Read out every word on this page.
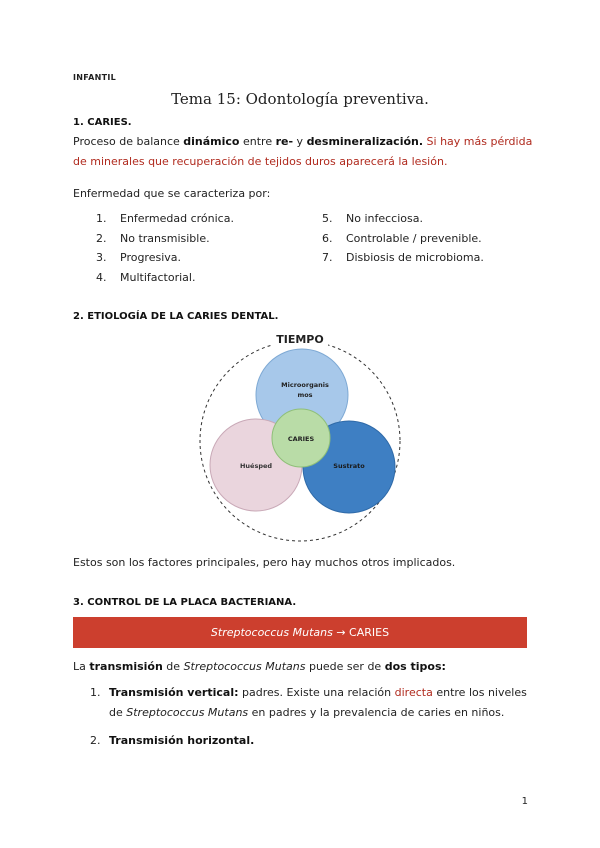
INFANTIL
Tema 15: Odontología preventiva.
1. CARIES.
Proceso de balance dinámico entre re- y desmineralización. Si hay más pérdida
de minerales que recuperación de tejidos duros aparecerá la lesión.
Enfermedad que se caracteriza por:
1. Enfermedad crónica.
2. No transmisible.
3. Progresiva.
4. Multifactorial.
5. No infecciosa.
6. Controlable / prevenible.
7. Disbiosis de microbioma.
2. ETIOLOGÍA DE LA CARIES DENTAL.
TIEMPO
Microorganis
mos
Huésped	Sustrato
CARIES
Estos son los factores principales, pero hay muchos otros implicados.
3. CONTROL DE LA PLACA BACTERIANA.
Streptococcus Mutans → CARIES
La transmisión de Streptococcus Mutans puede ser de dos tipos:
1. Transmisión vertical: padres. Existe una relación directa entre los niveles
de Streptococcus Mutans en padres y la prevalencia de caries en niños.
2. Transmisión horizontal.
1
